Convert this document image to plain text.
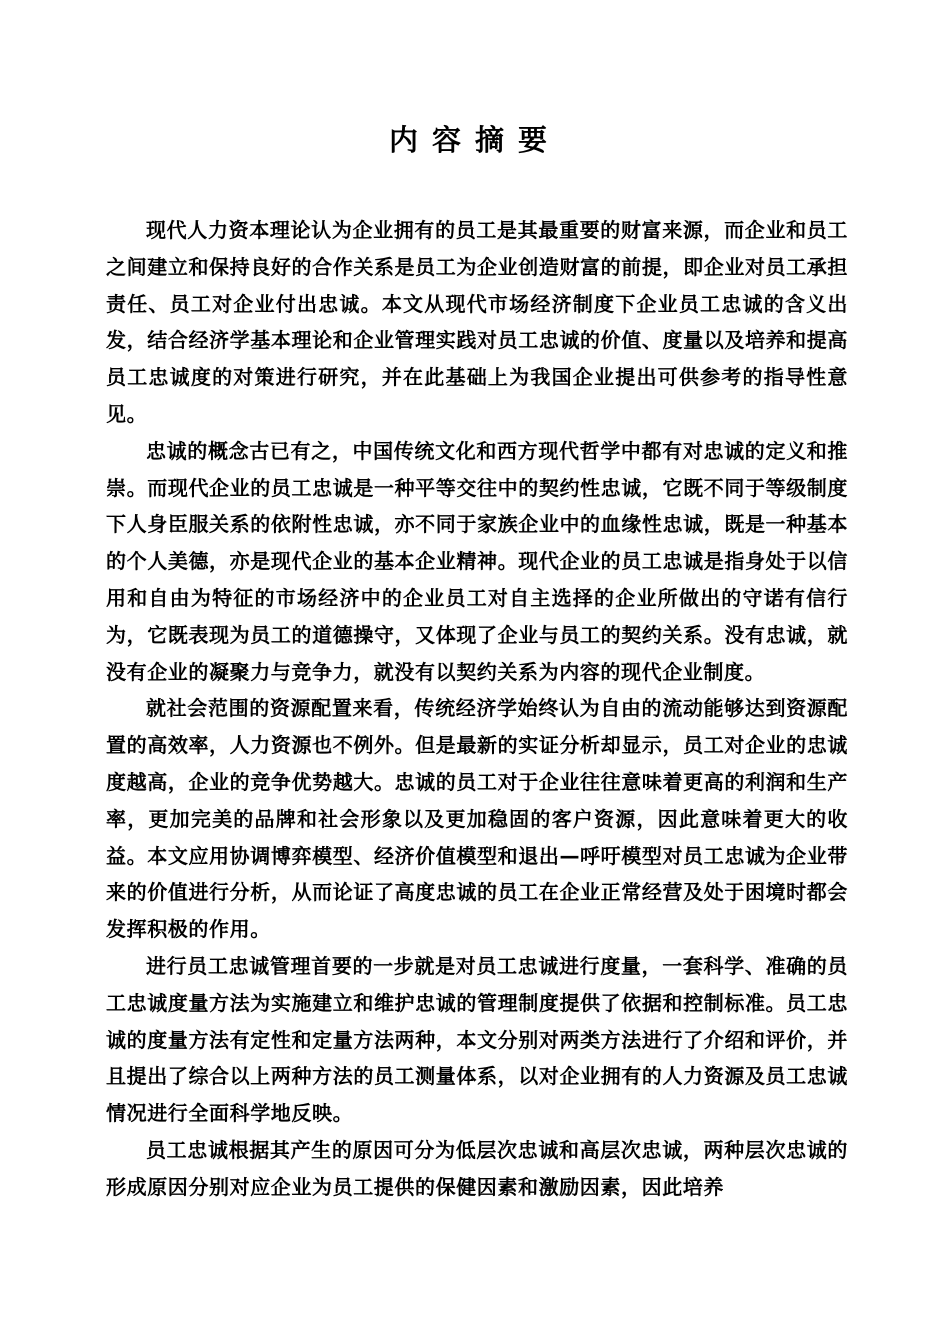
内容摘要

现代人力资本理论认为企业拥有的员工是其最重要的财富来源，而企业和员工之间建立和保持良好的合作关系是员工为企业创造财富的前提，即企业对员工承担责任、员工对企业付出忠诚。本文从现代市场经济制度下企业员工忠诚的含义出发，结合经济学基本理论和企业管理实践对员工忠诚的价值、度量以及培养和提高员工忠诚度的对策进行研究，并在此基础上为我国企业提出可供参考的指导性意见。

忠诚的概念古已有之，中国传统文化和西方现代哲学中都有对忠诚的定义和推崇。而现代企业的员工忠诚是一种平等交往中的契约性忠诚，它既不同于等级制度下人身臣服关系的依附性忠诚，亦不同于家族企业中的血缘性忠诚，既是一种基本的个人美德，亦是现代企业的基本企业精神。现代企业的员工忠诚是指身处于以信用和自由为特征的市场经济中的企业员工对自主选择的企业所做出的守诺有信行为，它既表现为员工的道德操守，又体现了企业与员工的契约关系。没有忠诚，就没有企业的凝聚力与竞争力，就没有以契约关系为内容的现代企业制度。

就社会范围的资源配置来看，传统经济学始终认为自由的流动能够达到资源配置的高效率，人力资源也不例外。但是最新的实证分析却显示，员工对企业的忠诚度越高，企业的竞争优势越大。忠诚的员工对于企业往往意味着更高的利润和生产率，更加完美的品牌和社会形象以及更加稳固的客户资源，因此意味着更大的收益。本文应用协调博弈模型、经济价值模型和退出—呼吁模型对员工忠诚为企业带来的价值进行分析，从而论证了高度忠诚的员工在企业正常经营及处于困境时都会发挥积极的作用。

进行员工忠诚管理首要的一步就是对员工忠诚进行度量，一套科学、准确的员工忠诚度量方法为实施建立和维护忠诚的管理制度提供了依据和控制标准。员工忠诚的度量方法有定性和定量方法两种，本文分别对两类方法进行了介绍和评价，并且提出了综合以上两种方法的员工测量体系，以对企业拥有的人力资源及员工忠诚情况进行全面科学地反映。

员工忠诚根据其产生的原因可分为低层次忠诚和高层次忠诚，两种层次忠诚的形成原因分别对应企业为员工提供的保健因素和激励因素，因此培养
